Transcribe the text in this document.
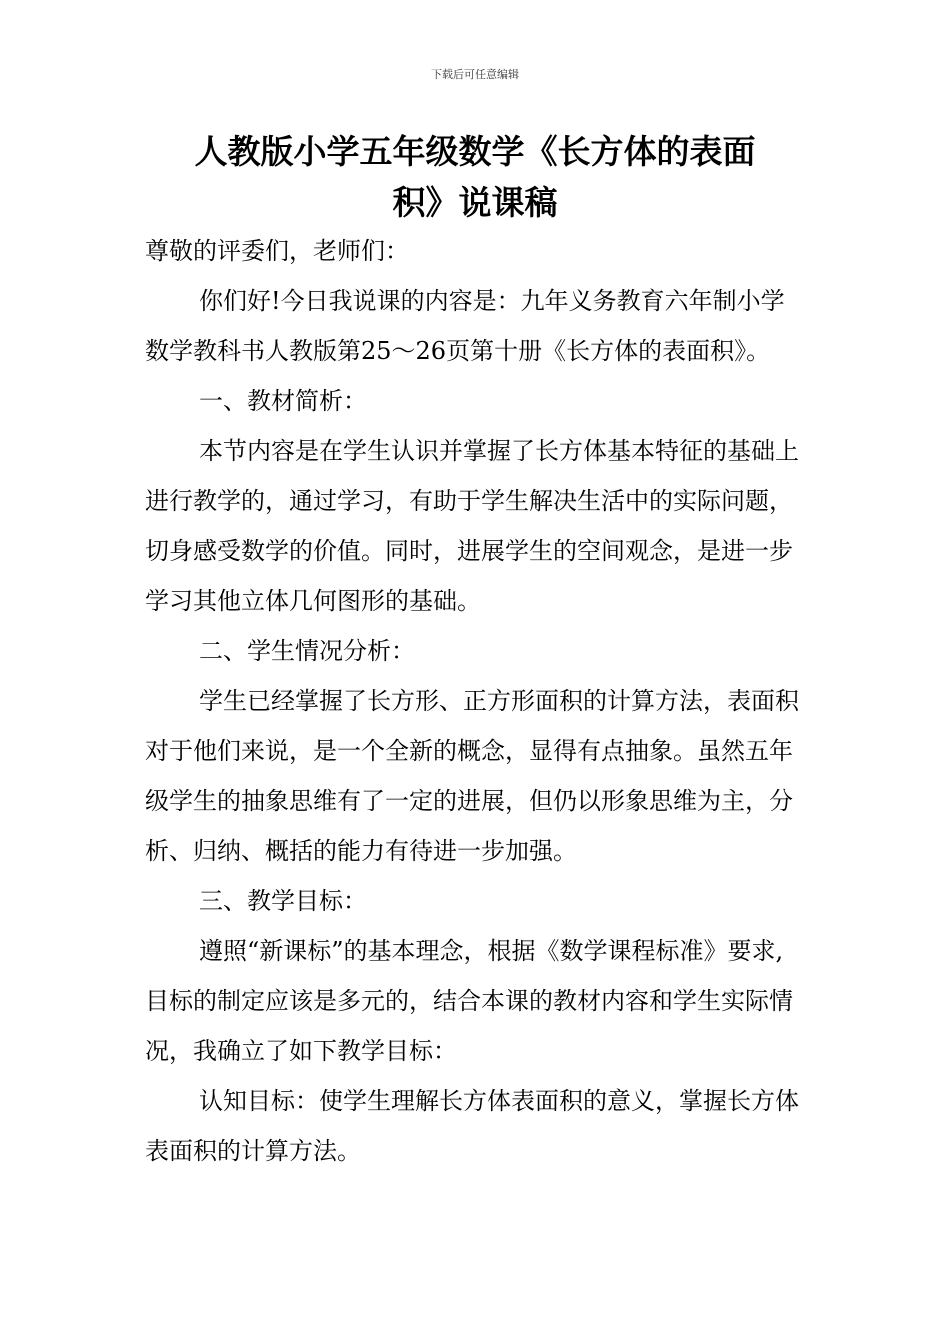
下载后可任意编辑
人教版小学五年级数学《长方体的表面
积》说课稿

尊敬的评委们，老师们：

你们好!今日我说课的内容是：九年义务教育六年制小学数学教科书人教版第25～26页第十册《长方体的表面积》。

一、教材简析：

本节内容是在学生认识并掌握了长方体基本特征的基础上进行教学的，通过学习，有助于学生解决生活中的实际问题，切身感受数学的价值。同时，进展学生的空间观念，是进一步学习其他立体几何图形的基础。

二、学生情况分析：

学生已经掌握了长方形、正方形面积的计算方法，表面积对于他们来说，是一个全新的概念，显得有点抽象。虽然五年级学生的抽象思维有了一定的进展，但仍以形象思维为主，分析、归纳、概括的能力有待进一步加强。

三、教学目标：

遵照“新课标”的基本理念，根据《数学课程标准》要求,目标的制定应该是多元的，结合本课的教材内容和学生实际情况，我确立了如下教学目标：

认知目标：使学生理解长方体表面积的意义，掌握长方体表面积的计算方法。
